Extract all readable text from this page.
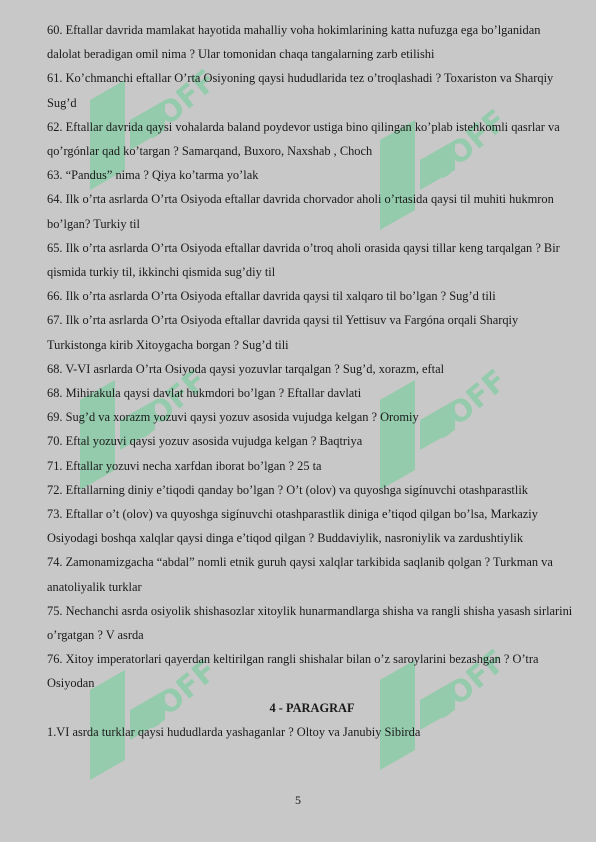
SOFF	SOFF
SOFF	SOFF
SOFF	SOFF

60. Eftallar davrida mamlakat hayotida mahalliy voha hokimlarining katta nufuzga ega bo’lganidan dalolat beradigan omil nima ? Ular tomonidan chaqa tangalarning zarb etilishi

61. Ko’chmanchi eftallar O’rta Osiyoning qaysi hududlarida tez o’troqlashadi ? Toxariston va Sharqiy Sug’d

62. Eftallar davrida qaysi vohalarda baland poydevor ustiga bino qilingan ko’plab istehkomli qasrlar va qo’rgónlar qad ko’targan ? Samarqand, Buxoro, Naxshab , Choch

63. “Pandus” nima ? Qiya ko’tarma yo’lak

64. Ilk o’rta asrlarda O’rta Osiyoda eftallar davrida chorvador aholi o’rtasida qaysi til muhiti hukmron bo’lgan? Turkiy til

65. Ilk o’rta asrlarda O’rta Osiyoda eftallar davrida o’troq aholi orasida qaysi tillar keng tarqalgan ? Bir qismida turkiy til, ikkinchi qismida sug’diy til

66. Ilk o’rta asrlarda O’rta Osiyoda eftallar davrida qaysi til xalqaro til bo’lgan ? Sug’d tili

67. Ilk o’rta asrlarda O’rta Osiyoda eftallar davrida qaysi til Yettisuv va Fargóna orqali Sharqiy Turkistonga kirib Xitoygacha borgan ? Sug’d tili

68. V-VI asrlarda O’rta Osiyoda qaysi yozuvlar tarqalgan ? Sug’d, xorazm, eftal

68. Mihirakula qaysi davlat hukmdori bo’lgan ? Eftallar davlati

69. Sug’d va xorazm yozuvi qaysi yozuv asosida vujudga kelgan ? Oromiy

70. Eftal yozuvi qaysi yozuv asosida vujudga kelgan ? Baqtriya

71. Eftallar yozuvi necha xarfdan iborat bo’lgan ? 25 ta

72. Eftallarning diniy e’tiqodi qanday bo’lgan ? O’t (olov) va quyoshga sigínuvchi otashparastlik

73. Eftallar o’t (olov) va quyoshga sigínuvchi otashparastlik diniga e’tiqod qilgan bo’lsa, Markaziy Osiyodagi boshqa xalqlar qaysi dinga e’tiqod qilgan ? Buddaviylik, nasroniylik va zardushtiylik

74. Zamonamizgacha “abdal” nomli etnik guruh qaysi xalqlar tarkibida saqlanib qolgan ? Turkman va anatoliyalik turklar

75. Nechanchi asrda osiyolik shishasozlar xitoylik hunarmandlarga shisha va rangli shisha yasash sirlarini o’rgatgan ? V asrda

76. Xitoy imperatorlari qayerdan keltirilgan rangli shishalar bilan o’z saroylarini bezashgan ? O’tra Osiyodan

4 - PARAGRAF

1.VI asrda turklar qaysi hududlarda yashaganlar ? Oltoy va Janubiy Sibirda

5
